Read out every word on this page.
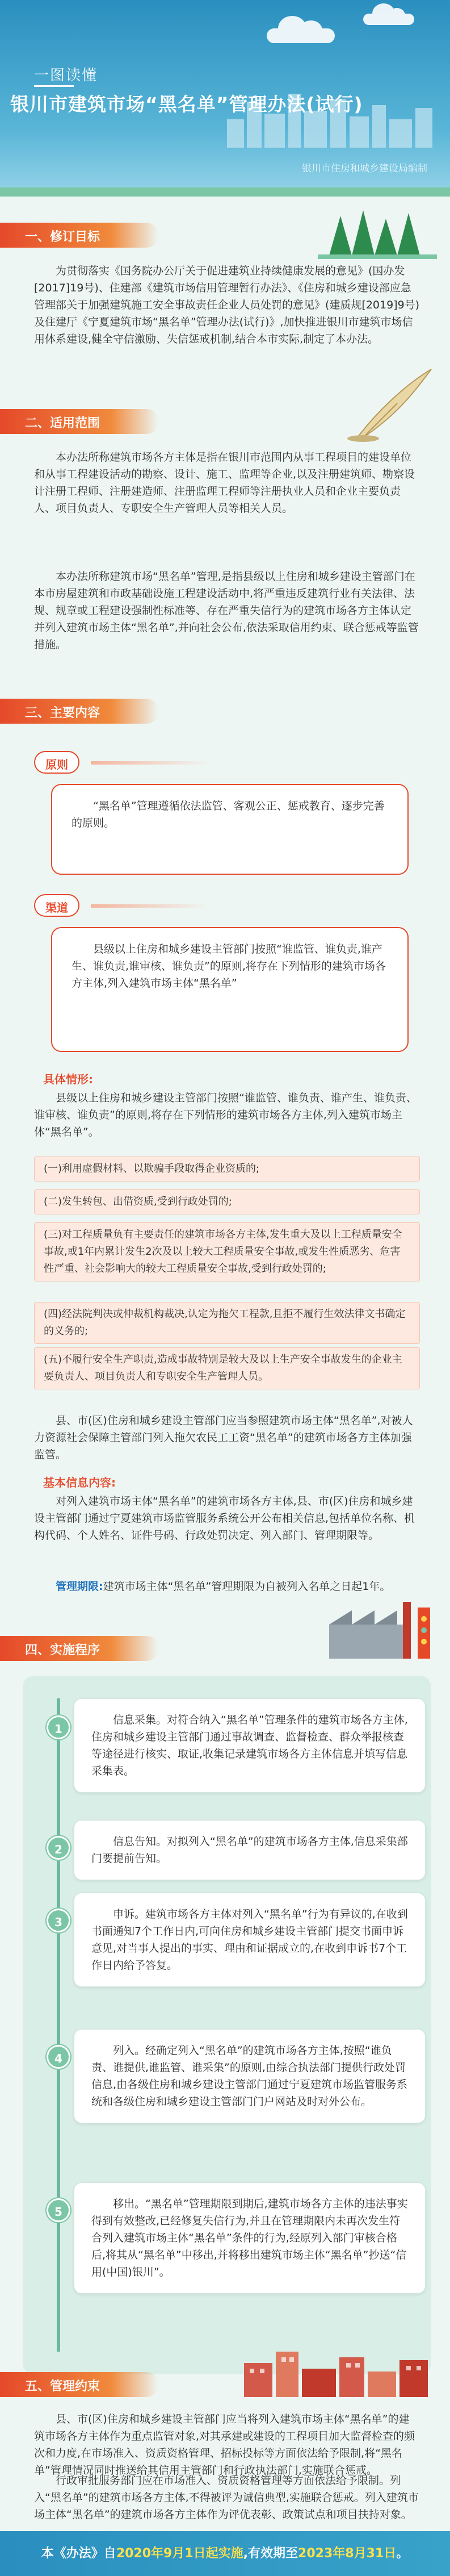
一图读懂
银川市建筑市场“黑名单”管理办法(试行)
银川市住房和城乡建设局编制
一、修订目标
为贯彻落实《国务院办公厅关于促进建筑业持续健康发展的意见》(国办发[2017]19号)、住建部《建筑市场信用管理暂行办法》、《住房和城乡建设部应急管理部关于加强建筑施工安全事故责任企业人员处罚的意见》(建质规[2019]9号)及住建厅《宁夏建筑市场“黑名单”管理办法(试行)》,加快推进银川市建筑市场信用体系建设,健全守信激励、失信惩戒机制,结合本市实际,制定了本办法。
二、适用范围
本办法所称建筑市场各方主体是指在银川市范围内从事工程项目的建设单位和从事工程建设活动的勘察、设计、施工、监理等企业,以及注册建筑师、勘察设计注册工程师、注册建造师、注册监理工程师等注册执业人员和企业主要负责人、项目负责人、专职安全生产管理人员等相关人员。
本办法所称建筑市场“黑名单”管理,是指县级以上住房和城乡建设主管部门在本市房屋建筑和市政基础设施工程建设活动中,将严重违反建筑行业有关法律、法规、规章或工程建设强制性标准等、存在严重失信行为的建筑市场各方主体认定并列入建筑市场主体“黑名单”,并向社会公布,依法采取信用约束、联合惩戒等监管措施。
三、主要内容
原则
“黑名单”管理遵循依法监管、客观公正、惩戒教育、逐步完善的原则。
渠道
县级以上住房和城乡建设主管部门按照“谁监管、谁负责,谁产生、谁负责,谁审核、谁负责”的原则,将存在下列情形的建筑市场各方主体,列入建筑市场主体“黑名单”
具体情形:
县级以上住房和城乡建设主管部门按照“谁监管、谁负责、谁产生、谁负责、谁审核、谁负责”的原则,将存在下列情形的建筑市场各方主体,列入建筑市场主体“黑名单”。
(一)利用虚假材料、以欺骗手段取得企业资质的;
(二)发生转包、出借资质,受到行政处罚的;
(三)对工程质量负有主要责任的建筑市场各方主体,发生重大及以上工程质量安全事故,或1年内累计发生2次及以上较大工程质量安全事故,或发生性质恶劣、危害性严重、社会影响大的较大工程质量安全事故,受到行政处罚的;
(四)经法院判决或仲裁机构裁决,认定为拖欠工程款,且拒不履行生效法律文书确定的义务的;
(五)不履行安全生产职责,造成事故特别是较大及以上生产安全事故发生的企业主要负责人、项目负责人和专职安全生产管理人员。
县、市(区)住房和城乡建设主管部门应当参照建筑市场主体“黑名单”,对被人力资源社会保障主管部门列入拖欠农民工工资“黑名单”的建筑市场各方主体加强监管。
基本信息内容:
对列入建筑市场主体“黑名单”的建筑市场各方主体,县、市(区)住房和城乡建设主管部门通过宁夏建筑市场监管服务系统公开公布相关信息,包括单位名称、机构代码、个人姓名、证件号码、行政处罚决定、列入部门、管理期限等。
管理期限:建筑市场主体“黑名单”管理期限为自被列入名单之日起1年。
四、实施程序
1
信息采集。对符合纳入“黑名单”管理条件的建筑市场各方主体,住房和城乡建设主管部门通过事故调查、监督检查、群众举报核查等途径进行核实、取证,收集记录建筑市场各方主体信息并填写信息采集表。
2
信息告知。对拟列入“黑名单”的建筑市场各方主体,信息采集部门要提前告知。
3
申诉。建筑市场各方主体对列入“黑名单”行为有异议的,在收到书面通知7个工作日内,可向住房和城乡建设主管部门提交书面申诉意见,对当事人提出的事实、理由和证据成立的,在收到申诉书7个工作日内给予答复。
4
列入。经确定列入“黑名单”的建筑市场各方主体,按照“谁负责、谁提供,谁监管、谁采集”的原则,由综合执法部门提供行政处罚信息,由各级住房和城乡建设主管部门通过宁夏建筑市场监管服务系统和各级住房和城乡建设主管部门门户网站及时对外公布。
5
移出。“黑名单”管理期限到期后,建筑市场各方主体的违法事实得到有效整改,已经修复失信行为,并且在管理期限内未再次发生符合列入建筑市场主体“黑名单”条件的行为,经原列入部门审核合格后,将其从“黑名单”中移出,并将移出建筑市场主体“黑名单”抄送“信用(中国)银川”。
五、管理约束
县、市(区)住房和城乡建设主管部门应当将列入建筑市场主体“黑名单”的建筑市场各方主体作为重点监管对象,对其承建或建设的工程项目加大监督检查的频次和力度,在市场准入、资质资格管理、招标投标等方面依法给予限制,将“黑名单”管理情况同时推送给其信用主管部门和行政执法部门,实施联合惩戒。
行政审批服务部门应在市场准入、资质资格管理等方面依法给予限制。列入“黑名单”的建筑市场各方主体,不得被评为诚信典型,实施联合惩戒。列入建筑市场主体“黑名单”的建筑市场各方主体作为评优表彰、政策试点和项目扶持对象。
本《办法》自2020年9月1日起实施,有效期至2023年8月31日。
